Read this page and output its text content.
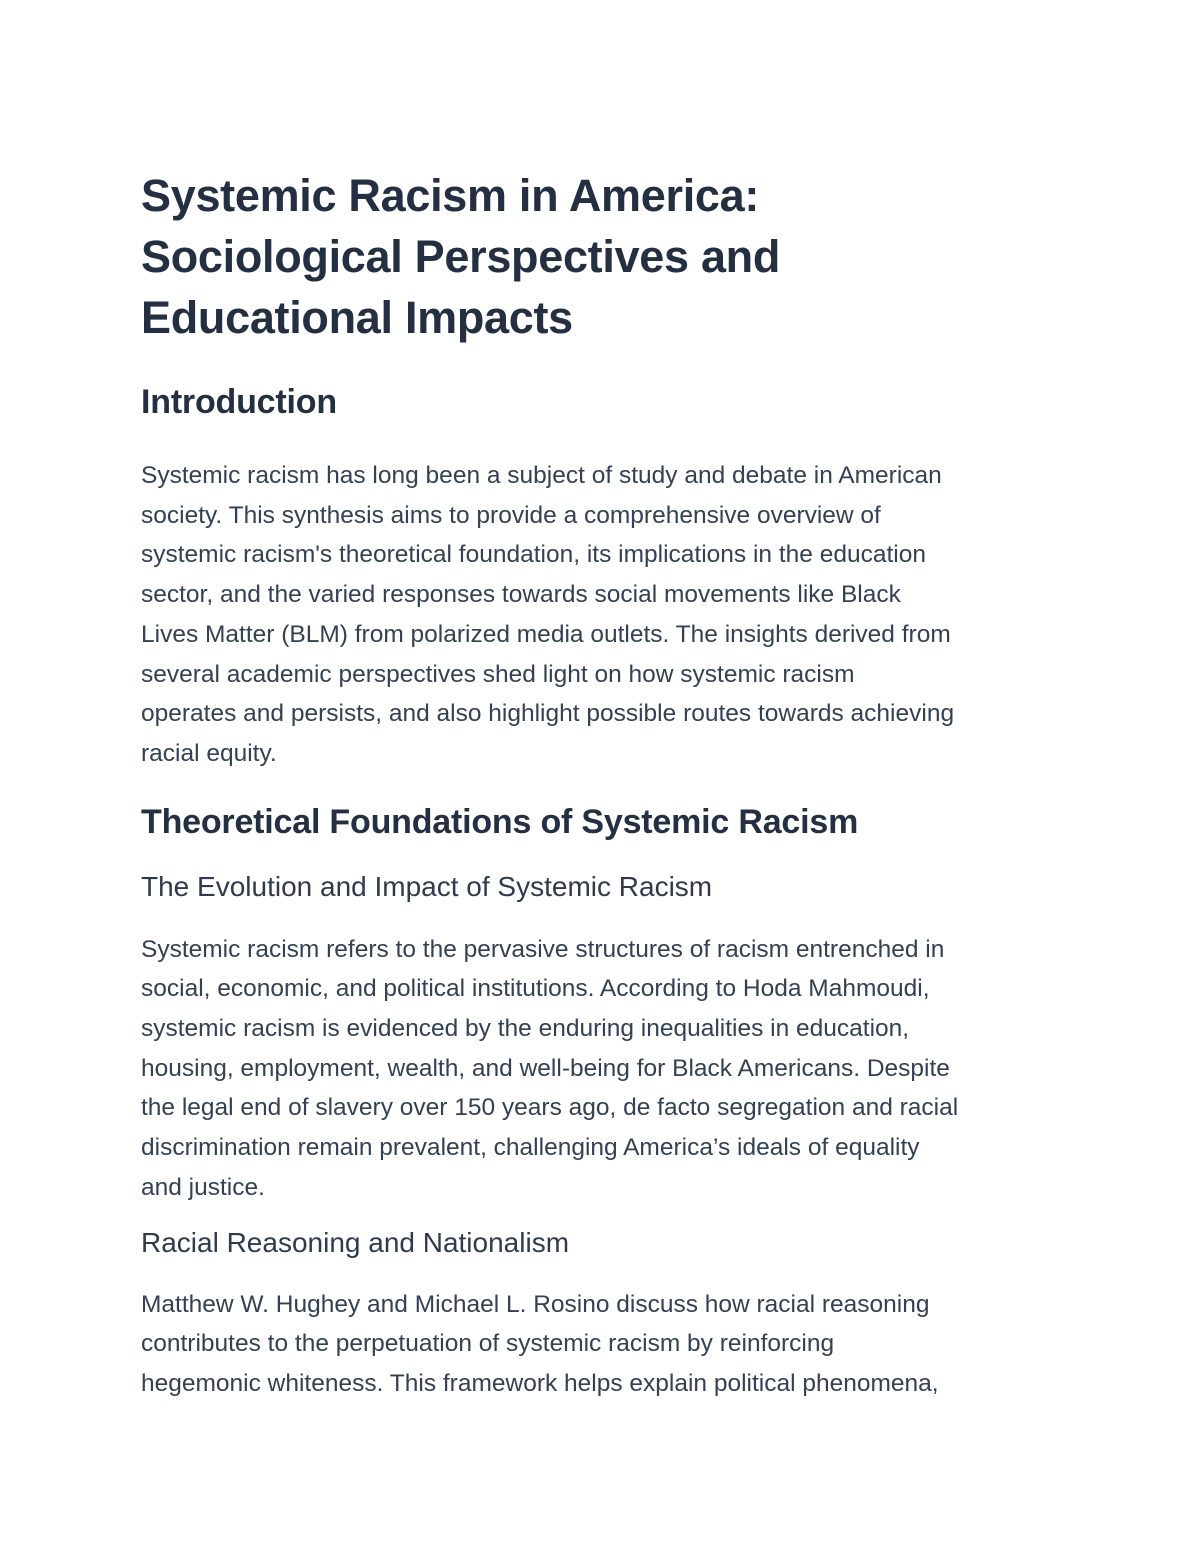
Systemic Racism in America:
Sociological Perspectives and
Educational Impacts
Introduction

Systemic racism has long been a subject of study and debate in American
society. This synthesis aims to provide a comprehensive overview of
systemic racism's theoretical foundation, its implications in the education
sector, and the varied responses towards social movements like Black
Lives Matter (BLM) from polarized media outlets. The insights derived from
several academic perspectives shed light on how systemic racism
operates and persists, and also highlight possible routes towards achieving
racial equity.

Theoretical Foundations of Systemic Racism
The Evolution and Impact of Systemic Racism

Systemic racism refers to the pervasive structures of racism entrenched in
social, economic, and political institutions. According to Hoda Mahmoudi,
systemic racism is evidenced by the enduring inequalities in education,
housing, employment, wealth, and well-being for Black Americans. Despite
the legal end of slavery over 150 years ago, de facto segregation and racial
discrimination remain prevalent, challenging America’s ideals of equality
and justice.

Racial Reasoning and Nationalism

Matthew W. Hughey and Michael L. Rosino discuss how racial reasoning
contributes to the perpetuation of systemic racism by reinforcing
hegemonic whiteness. This framework helps explain political phenomena,
